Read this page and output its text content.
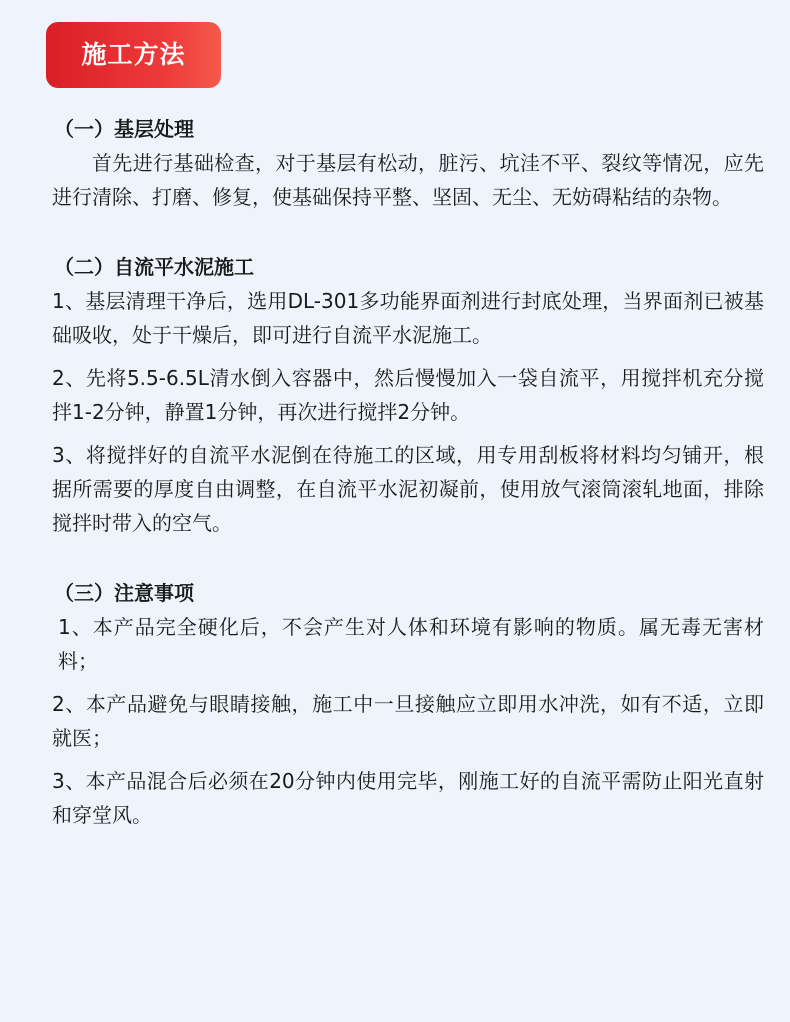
施工方法
（一）基层处理

首先进行基础检查，对于基层有松动，脏污、坑洼不平、裂纹等情况，应先进行清除、打磨、修复，使基础保持平整、坚固、无尘、无妨碍粘结的杂物。

（二）自流平水泥施工

1、基层清理干净后，选用DL-301多功能界面剂进行封底处理，当界面剂已被基础吸收，处于干燥后，即可进行自流平水泥施工。

2、先将5.5-6.5L清水倒入容器中，然后慢慢加入一袋自流平，用搅拌机充分搅拌1-2分钟，静置1分钟，再次进行搅拌2分钟。

3、将搅拌好的自流平水泥倒在待施工的区域，用专用刮板将材料均匀铺开，根据所需要的厚度自由调整，在自流平水泥初凝前，使用放气滚筒滚轧地面，排除搅拌时带入的空气。

（三）注意事项

1、本产品完全硬化后，不会产生对人体和环境有影响的物质。属无毒无害材料；

2、本产品避免与眼睛接触，施工中一旦接触应立即用水冲洗，如有不适，立即就医；

3、本产品混合后必须在20分钟内使用完毕，刚施工好的自流平需防止阳光直射和穿堂风。
